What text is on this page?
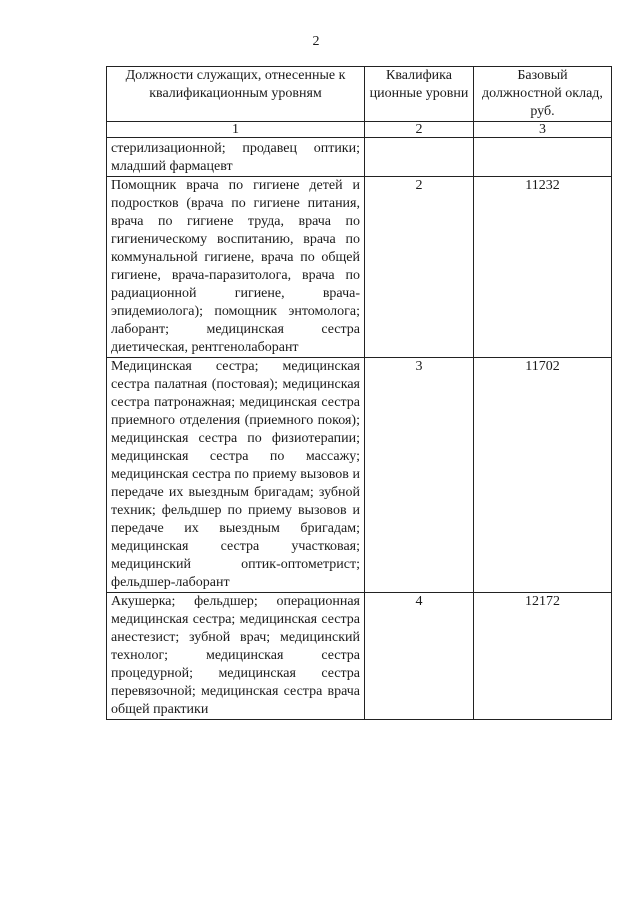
2
Должности служащих, отнесенные к квалификационным уровням	Квалифика ционные уровни	Базовый должностной оклад, руб.
1	2	3
стерилизационной; продавец оптики; младший фармацевт		
Помощник врача по гигиене детей и подростков (врача по гигиене питания, врача по гигиене труда, врача по гигиеническому воспитанию, врача по коммунальной гигиене, врача по общей гигиене, врача-паразитолога, врача по радиационной гигиене, врача-эпидемиолога); помощник энтомолога; лаборант; медицинская сестра диетическая, рентгенолаборант	2	11232
Медицинская сестра; медицинская сестра палатная (постовая); медицинская сестра патронажная; медицинская сестра приемного отделения (приемного покоя); медицинская сестра по физиотерапии; медицинская сестра по массажу; медицинская сестра по приему вызовов и передаче их выездным бригадам; зубной техник; фельдшер по приему вызовов и передаче их выездным бригадам; медицинская сестра участковая; медицинский оптик-оптометрист; фельдшер-лаборант	3	11702
Акушерка; фельдшер; операционная медицинская сестра; медицинская сестра анестезист; зубной врач; медицинский технолог; медицинская сестра процедурной; медицинская сестра перевязочной; медицинская сестра врача общей практики	4	12172
